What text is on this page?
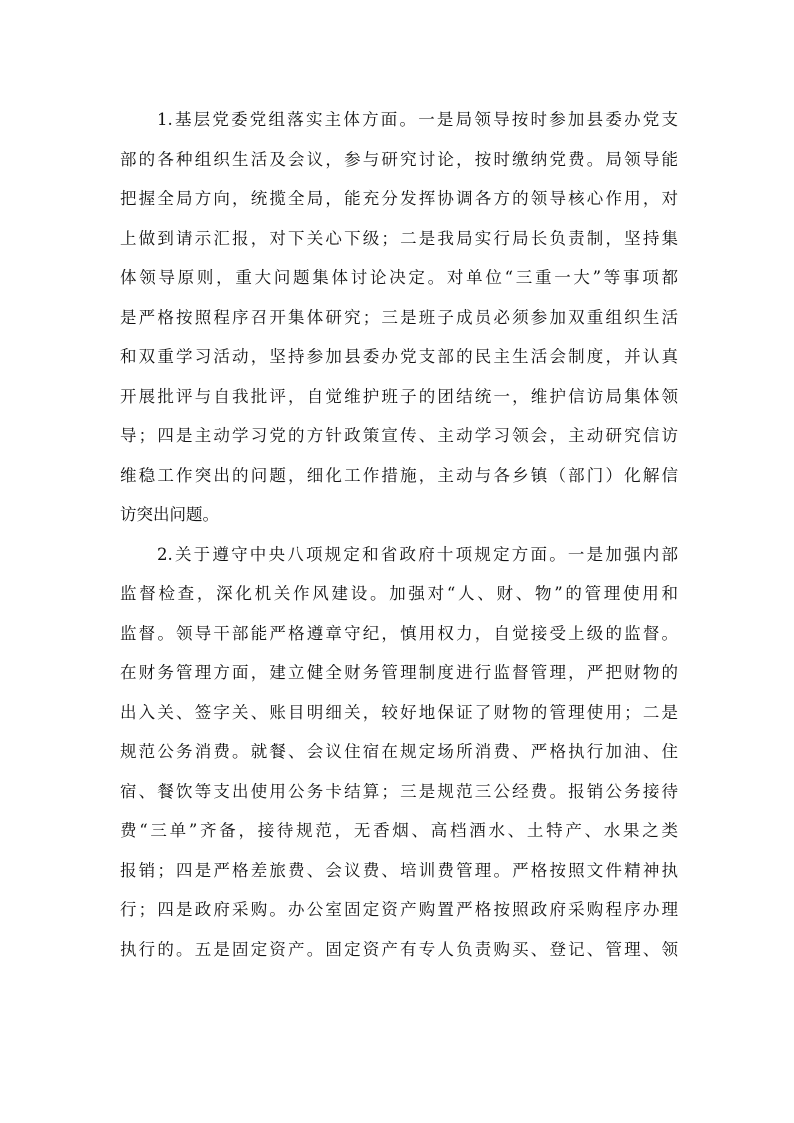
1.基层党委党组落实主体方面。一是局领导按时参加县委办党支
部的各种组织生活及会议，参与研究讨论，按时缴纳党费。局领导能
把握全局方向，统揽全局，能充分发挥协调各方的领导核心作用，对
上做到请示汇报，对下关心下级；二是我局实行局长负责制，坚持集
体领导原则，重大问题集体讨论决定。对单位“三重一大”等事项都
是严格按照程序召开集体研究；三是班子成员必须参加双重组织生活
和双重学习活动，坚持参加县委办党支部的民主生活会制度，并认真
开展批评与自我批评，自觉维护班子的团结统一，维护信访局集体领
导；四是主动学习党的方针政策宣传、主动学习领会，主动研究信访
维稳工作突出的问题，细化工作措施，主动与各乡镇（部门）化解信
访突出问题。
2.关于遵守中央八项规定和省政府十项规定方面。一是加强内部
监督检查，深化机关作风建设。加强对“人、财、物”的管理使用和
监督。领导干部能严格遵章守纪，慎用权力，自觉接受上级的监督。
在财务管理方面，建立健全财务管理制度进行监督管理，严把财物的
出入关、签字关、账目明细关，较好地保证了财物的管理使用；二是
规范公务消费。就餐、会议住宿在规定场所消费、严格执行加油、住
宿、餐饮等支出使用公务卡结算；三是规范三公经费。报销公务接待
费“三单”齐备，接待规范，无香烟、高档酒水、土特产、水果之类
报销；四是严格差旅费、会议费、培训费管理。严格按照文件精神执
行；四是政府采购。办公室固定资产购置严格按照政府采购程序办理
执行的。五是固定资产。固定资产有专人负责购买、登记、管理、领
